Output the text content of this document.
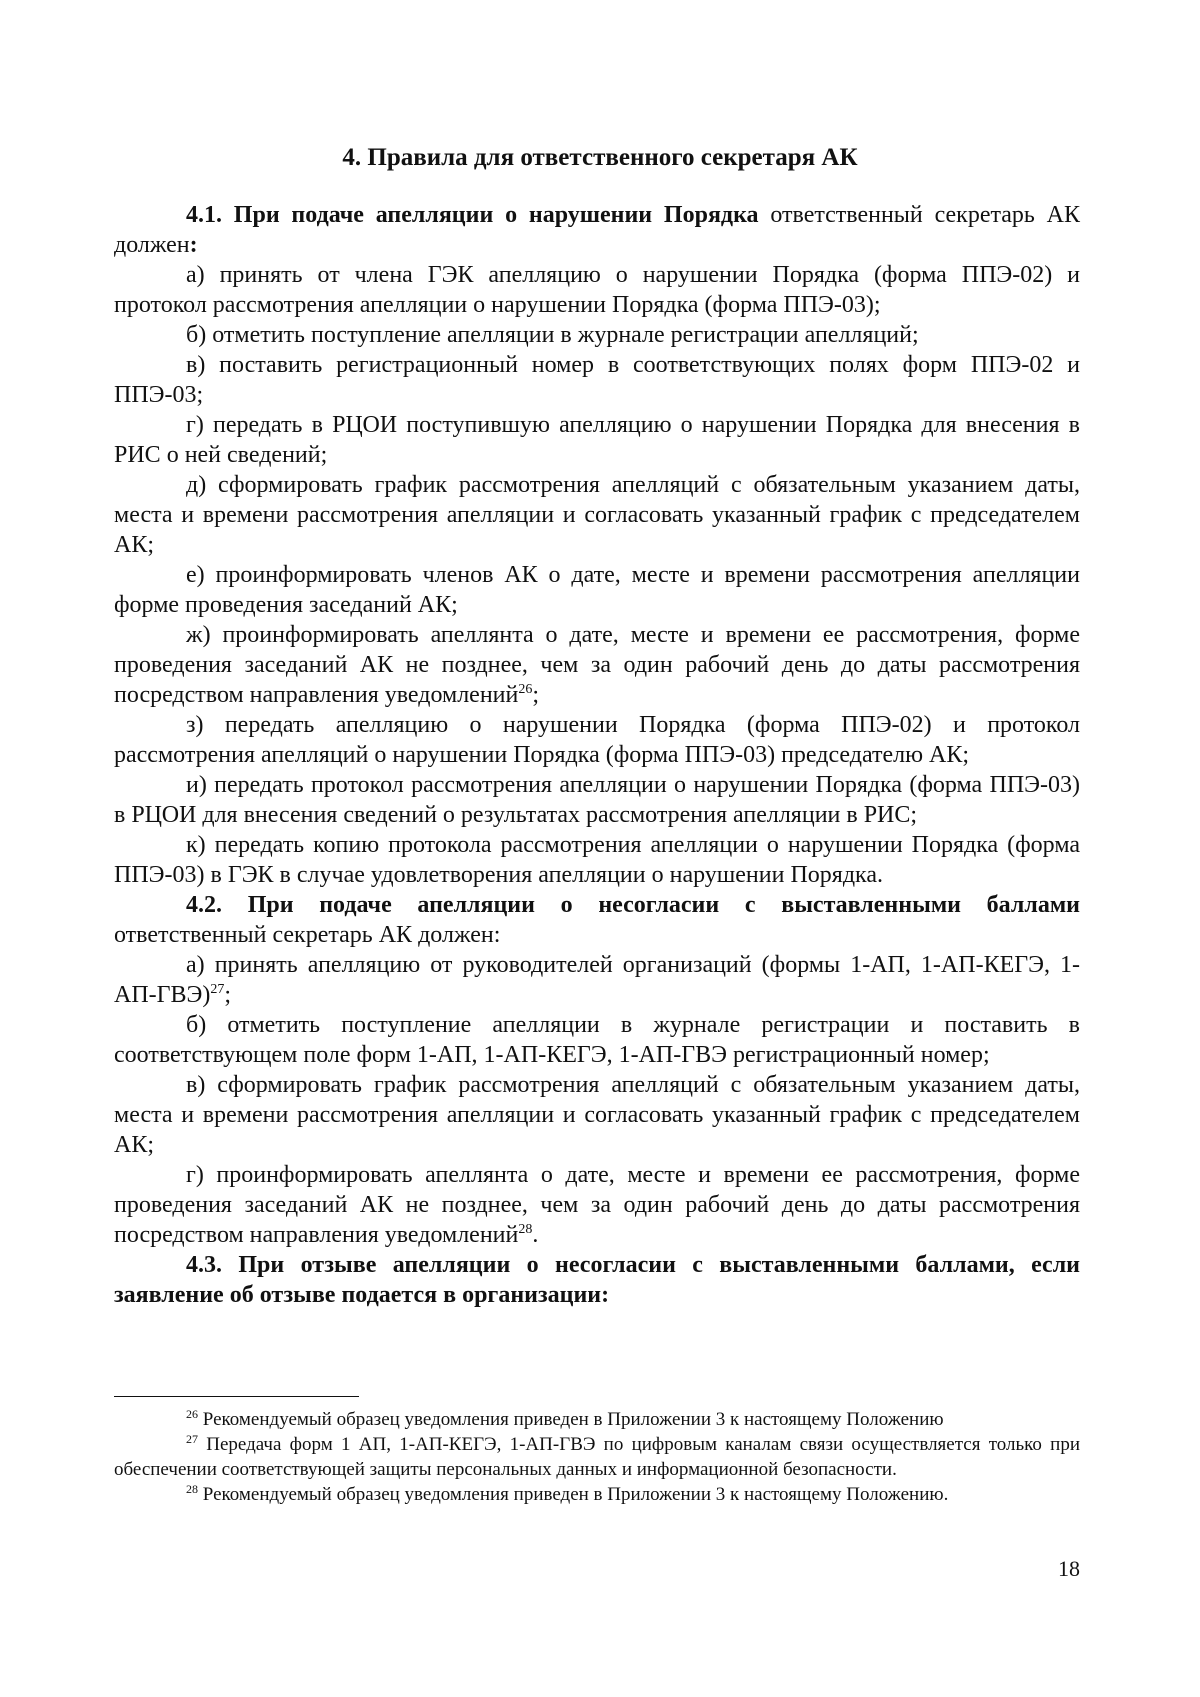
4. Правила для ответственного секретаря АК

4.1. При подаче апелляции о нарушении Порядка ответственный секретарь АК должен:

а) принять от члена ГЭК апелляцию о нарушении Порядка (форма ППЭ-02) и протокол рассмотрения апелляции о нарушении Порядка (форма ППЭ-03);

б) отметить поступление апелляции в журнале регистрации апелляций;

в) поставить регистрационный номер в соответствующих полях форм ППЭ-02 и ППЭ-03;

г) передать в РЦОИ поступившую апелляцию о нарушении Порядка для внесения в РИС о ней сведений;

д) сформировать график рассмотрения апелляций с обязательным указанием даты, места и времени рассмотрения апелляции и согласовать указанный график с председателем АК;

е) проинформировать членов АК о дате, месте и времени рассмотрения апелляции форме проведения заседаний АК;

ж) проинформировать апеллянта о дате, месте и времени ее рассмотрения, форме проведения заседаний АК не позднее, чем за один рабочий день до даты рассмотрения посредством направления уведомлений$^{26}$;

з) передать апелляцию о нарушении Порядка (форма ППЭ-02) и протокол рассмотрения апелляций о нарушении Порядка (форма ППЭ-03) председателю АК;

и) передать протокол рассмотрения апелляции о нарушении Порядка (форма ППЭ-03) в РЦОИ для внесения сведений о результатах рассмотрения апелляции в РИС;

к) передать копию протокола рассмотрения апелляции о нарушении Порядка (форма ППЭ-03) в ГЭК в случае удовлетворения апелляции о нарушении Порядка.

4.2. При подаче апелляции о несогласии с выставленными баллами ответственный секретарь АК должен:

а) принять апелляцию от руководителей организаций (формы 1-АП, 1-АП-КЕГЭ, 1-АП-ГВЭ)$^{27}$;

б) отметить поступление апелляции в журнале регистрации и поставить в соответствующем поле форм 1-АП, 1-АП-КЕГЭ, 1-АП-ГВЭ регистрационный номер;

в) сформировать график рассмотрения апелляций с обязательным указанием даты, места и времени рассмотрения апелляции и согласовать указанный график с председателем АК;

г) проинформировать апеллянта о дате, месте и времени ее рассмотрения, форме проведения заседаний АК не позднее, чем за один рабочий день до даты рассмотрения посредством направления уведомлений$^{28}$.

4.3. При отзыве апелляции о несогласии с выставленными баллами, если заявление об отзыве подается в организации:

$^{26}$ Рекомендуемый образец уведомления приведен в Приложении 3 к настоящему Положению

$^{27}$ Передача форм 1 АП, 1-АП-КЕГЭ, 1-АП-ГВЭ по цифровым каналам связи осуществляется только при обеспечении соответствующей защиты персональных данных и информационной безопасности.

$^{28}$ Рекомендуемый образец уведомления приведен в Приложении 3 к настоящему Положению.

18
